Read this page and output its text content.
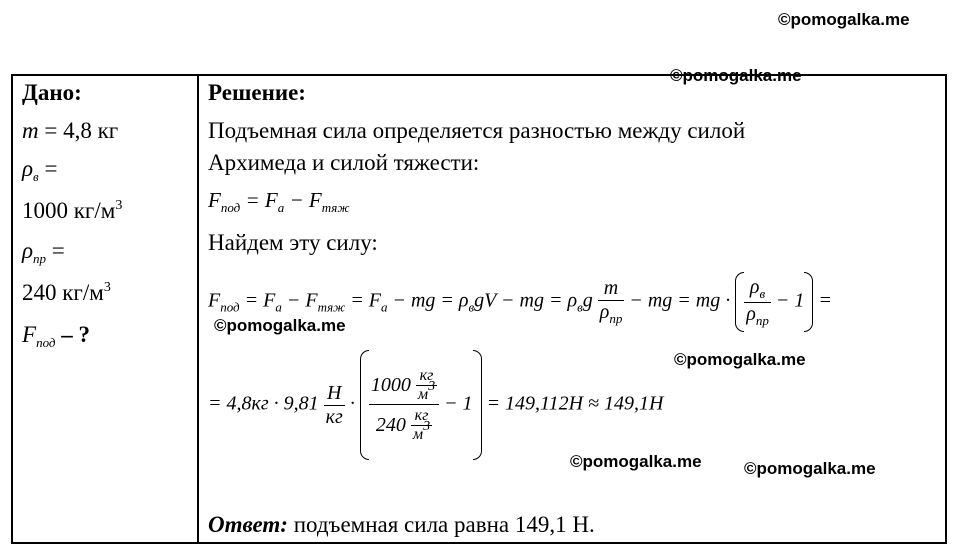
©pomogalka.me
©pomogalka.me
©pomogalka.me
©pomogalka.me
©pomogalka.me ©pomogalka.me
Дано:
m = 4,8 кг
$\rho_в$ =
1000 $кг/м^3$
$\rho_{пр}$ =
240 $кг/м^3$
$F_{под}$ – ?
Решение:
Подъемная сила определяется разностью между силой
Архимеда и силой тяжести:
$F_{под} = F_а - F_{тяж}$
Найдем эту силу:
$F_{под} = F_а - F_{тяж} = F_а$ − mg = $\rho_вgV$ − mg = $\rho_вg \frac{m}{\rho_{пр}}$ − mg = mg · $\frac{\rho_в}{\rho_{пр}} - 1$ =
= $4,8кг \cdot 9,81 \frac{Н}{кг} \cdot \frac{1000 \frac{кг}{м^3}}{240 \frac{кг}{м^3}} - 1 = 149,112Н \approx 149,1Н$
Ответ: подъемная сила равна 149,1 Н.
